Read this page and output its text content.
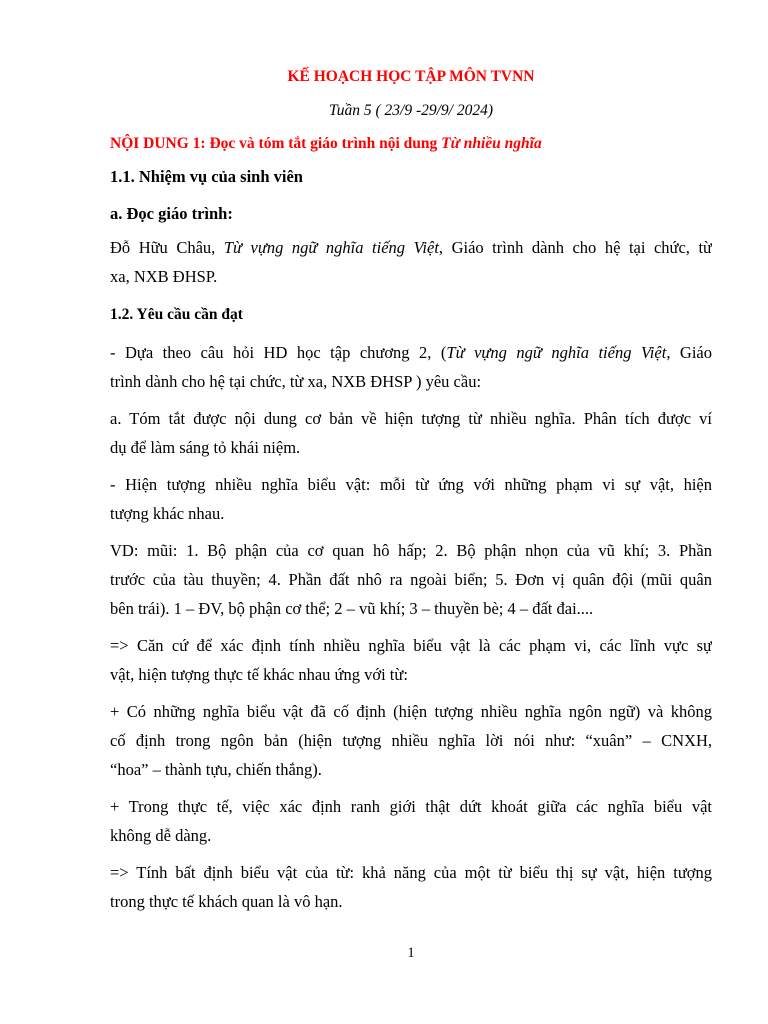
KẾ HOẠCH HỌC TẬP MÔN TVNN
Tuần 5 ( 23/9 -29/9/ 2024)
NỘI DUNG 1: Đọc và tóm tắt giáo trình nội dung Từ nhiều nghĩa
1.1. Nhiệm vụ của sinh viên
a. Đọc giáo trình:
Đỗ Hữu Châu, Từ vựng ngữ nghĩa tiếng Việt, Giáo trình dành cho hệ tại chức, từ
xa, NXB ĐHSP.
1.2. Yêu cầu cần đạt
- Dựa theo câu hỏi HD học tập chương 2, (Từ vựng ngữ nghĩa tiếng Việt, Giáo
trình dành cho hệ tại chức, từ xa, NXB ĐHSP ) yêu cầu:
a. Tóm tắt được nội dung cơ bản về hiện tượng từ nhiều nghĩa. Phân tích được ví
dụ để làm sáng tỏ khái niệm.
- Hiện tượng nhiều nghĩa biểu vật: mỗi từ ứng với những phạm vi sự vật, hiện
tượng khác nhau.
VD: mũi: 1. Bộ phận của cơ quan hô hấp; 2. Bộ phận nhọn của vũ khí; 3. Phần
trước của tàu thuyền; 4. Phần đất nhô ra ngoài biển; 5. Đơn vị quân đội (mũi quân
bên trái). 1 – ĐV, bộ phận cơ thể; 2 – vũ khí; 3 – thuyền bè; 4 – đất đai....
=> Căn cứ để xác định tính nhiều nghĩa biểu vật là các phạm vi, các lĩnh vực sự
vật, hiện tượng thực tế khác nhau ứng với từ:
+ Có những nghĩa biểu vật đã cố định (hiện tượng nhiều nghĩa ngôn ngữ) và không
cố định trong ngôn bản (hiện tượng nhiều nghĩa lời nói như: “xuân” – CNXH,
“hoa” – thành tựu, chiến thắng).
+ Trong thực tế, việc xác định ranh giới thật dứt khoát giữa các nghĩa biểu vật
không dễ dàng.
=> Tính bất định biểu vật của từ: khả năng của một từ biểu thị sự vật, hiện tượng
trong thực tế khách quan là vô hạn.
1
